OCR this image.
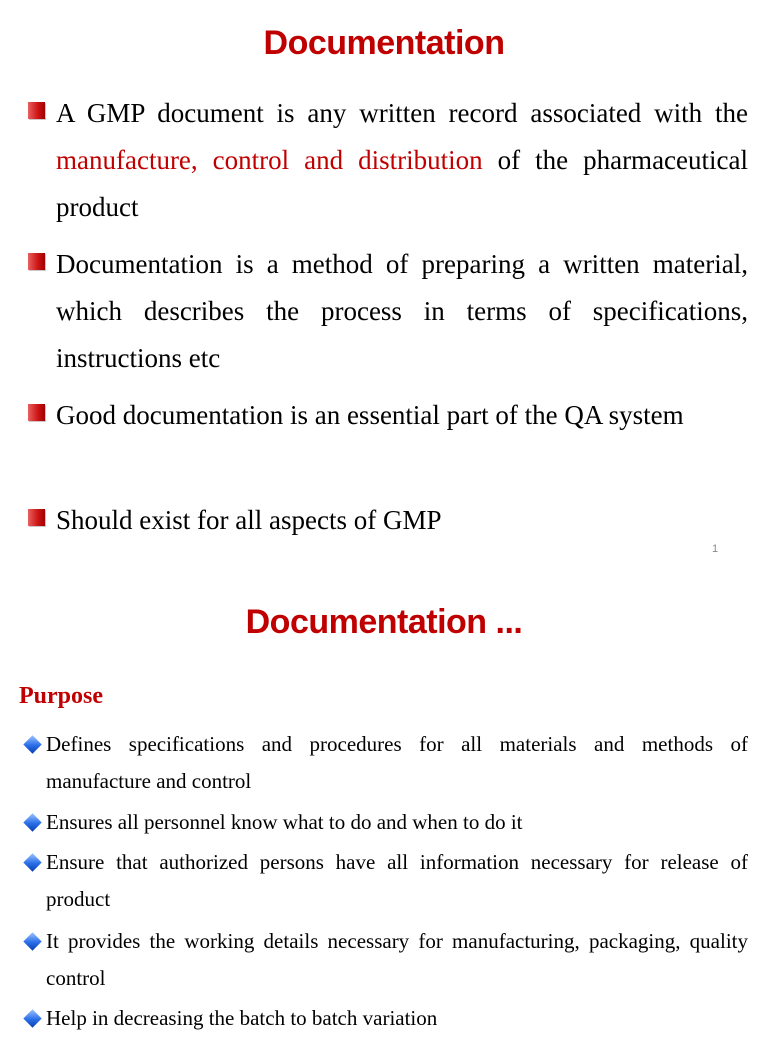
Documentation
A GMP document is any written record associated with the manufacture, control and distribution of the pharmaceutical product
Documentation is a method of preparing a written material, which describes the process in terms of specifications, instructions etc
Good documentation is an essential part of the QA system
Should exist for all aspects of GMP
1
Documentation ...
Purpose
Defines specifications and procedures for all materials and methods of manufacture and control
Ensures all personnel know what to do and when to do it
Ensure that authorized persons have all information necessary for release of product
It provides the working details necessary for manufacturing, packaging, quality control
Help in decreasing the batch to batch variation
